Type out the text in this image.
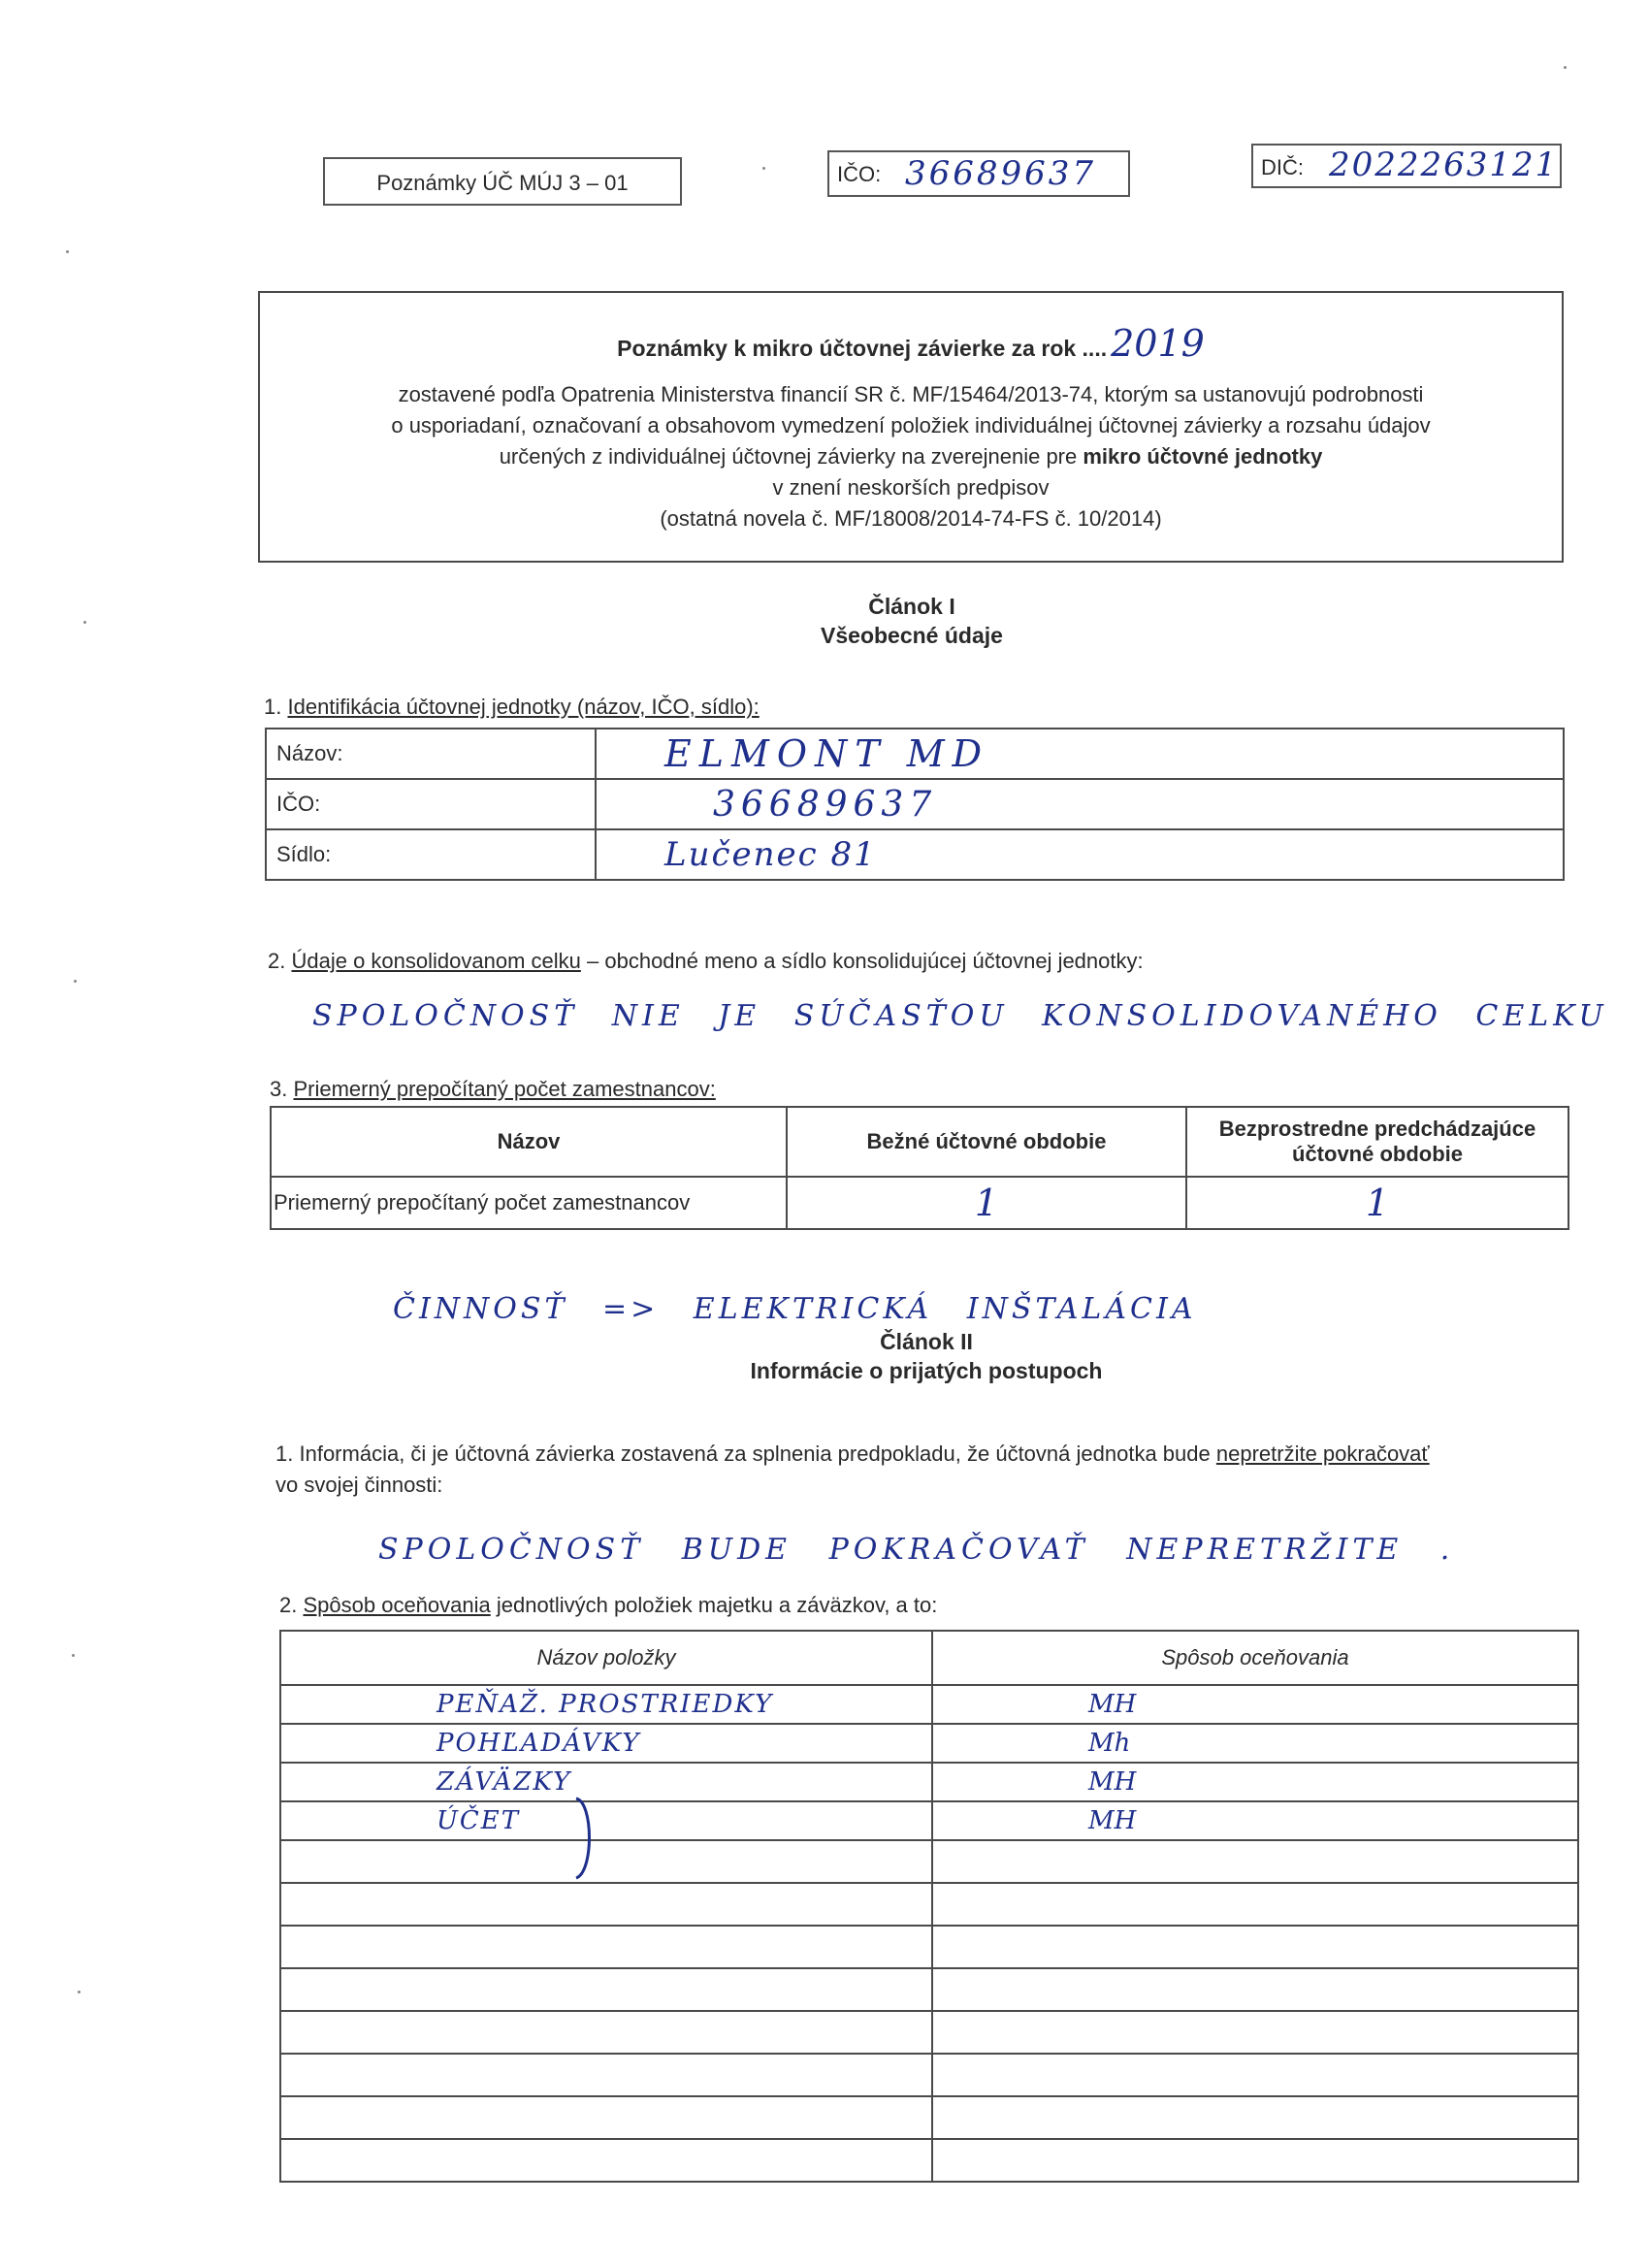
Poznámky ÚČ MÚJ 3 – 01	IČO: 36689637	DIČ: 2022263121
Poznámky k mikro účtovnej závierke za rok .... 2019
zostavené podľa Opatrenia Ministerstva financií SR č. MF/15464/2013-74, ktorým sa ustanovujú podrobnosti
o usporiadaní, označovaní a obsahovom vymedzení položiek individuálnej účtovnej závierky a rozsahu údajov
určených z individuálnej účtovnej závierky na zverejnenie pre mikro účtovné jednotky
v znení neskorších predpisov
(ostatná novela č. MF/18008/2014-74-FS č. 10/2014)
Článok I
Všeobecné údaje
1. Identifikácia účtovnej jednotky (názov, IČO, sídlo):
Názov:	ELMONT MD
IČO:	36689637
Sídlo:	Lučenec 81
2. Údaje o konsolidovanom celku – obchodné meno a sídlo konsolidujúcej účtovnej jednotky:
SPOLOČNOSŤ NIE JE SÚČASŤOU KONSOLIDOVANÉHO CELKU
3. Priemerný prepočítaný počet zamestnancov:
Názov	Bežné účtovné obdobie	Bezprostredne predchádzajúce účtovné obdobie
Priemerný prepočítaný počet zamestnancov	1	1
ČINNOSŤ => ELEKTRICKÁ INŠTALÁCIA
Článok II
Informácie o prijatých postupoch
1. Informácia, či je účtovná závierka zostavená za splnenia predpokladu, že účtovná jednotka bude nepretržite pokračovať
vo svojej činnosti:
SPOLOČNOSŤ BUDE POKRAČOVAŤ NEPRETRŽITE .
2. Spôsob oceňovania jednotlivých položiek majetku a záväzkov, a to:
Názov položky	Spôsob oceňovania
PEŇAŽ. PROSTRIEDKY	MH
POHĽADÁVKY	Mh
ZÁVÄZKY	MH
ÚČET	MH
